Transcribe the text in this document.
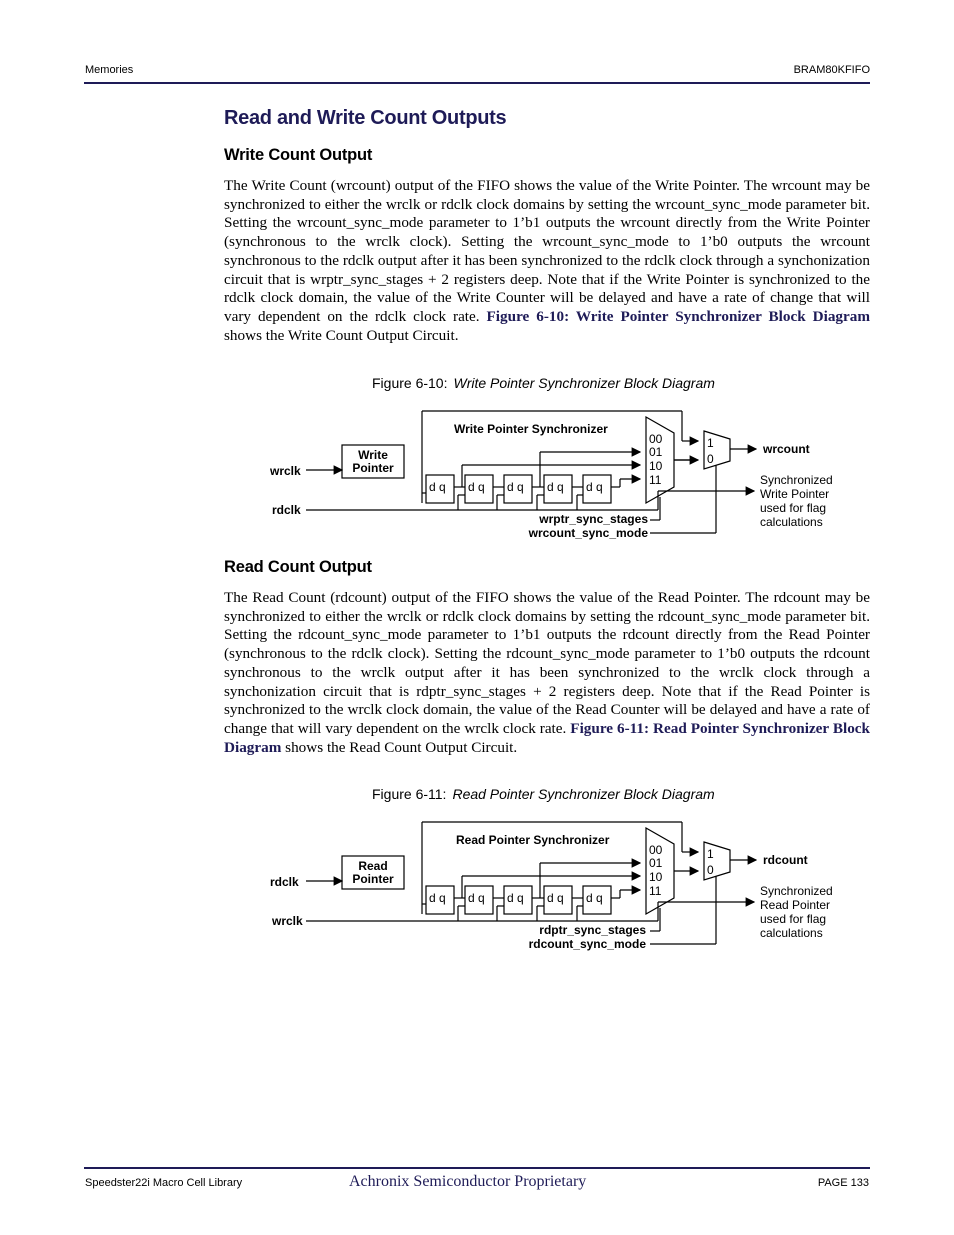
Memories	BRAM80KFIFO
Read and Write Count Outputs
Write Count Output
The Write Count (wrcount) output of the FIFO shows the value of the Write Pointer. The wrcount may be synchronized to either the wrclk or rdclk clock domains by setting the wrcount_sync_mode parameter bit. Setting the wrcount_sync_mode parameter to 1’b1 outputs the wrcount directly from the Write Pointer (synchronous to the wrclk clock). Setting the wrcount_sync_mode to 1’b0 outputs the wrcount synchronous to the rdclk output after it has been synchronized to the rdclk clock through a synchonization circuit that is wrptr_sync_stages + 2 registers deep. Note that if the Write Pointer is synchronized to the rdclk clock domain, the value of the Write Counter will be delayed and have a rate of change that will vary dependent on the rdclk clock rate. Figure 6-10: Write Pointer Synchronizer Block Diagram shows the Write Count Output Circuit.
Figure 6-10: Write Pointer Synchronizer Block Diagram
Write Pointer Synchronizer
Write
Pointer
wrclk
rdclk
d q d q d q d q d q
00
01
10
11
1
0
wrcount
Synchronized
Write Pointer
used for flag
calculations
wrptr_sync_stages
wrcount_sync_mode
Read Count Output
The Read Count (rdcount) output of the FIFO shows the value of the Read Pointer. The rdcount may be synchronized to either the wrclk or rdclk clock domains by setting the rdcount_sync_mode parameter bit. Setting the rdcount_sync_mode parameter to 1’b1 outputs the rdcount directly from the Read Pointer (synchronous to the rdclk clock). Setting the rdcount_sync_mode parameter to 1’b0 outputs the rdcount synchronous to the wrclk output after it has been synchronized to the wrclk clock through a synchonization circuit that is rdptr_sync_stages + 2 registers deep. Note that if the Read Pointer is synchronized to the wrclk clock domain, the value of the Read Counter will be delayed and have a rate of change that will vary dependent on the wrclk clock rate. Figure 6-11: Read Pointer Synchronizer Block Diagram shows the Read Count Output Circuit.
Figure 6-11: Read Pointer Synchronizer Block Diagram
Read Pointer Synchronizer
Read
Pointer
rdclk
wrclk
d q d q d q d q d q
00
01
10
11
1
0
rdcount
Synchronized
Read Pointer
used for flag
calculations
rdptr_sync_stages
rdcount_sync_mode
Speedster22i Macro Cell Library	Achronix Semiconductor Proprietary	PAGE 133
